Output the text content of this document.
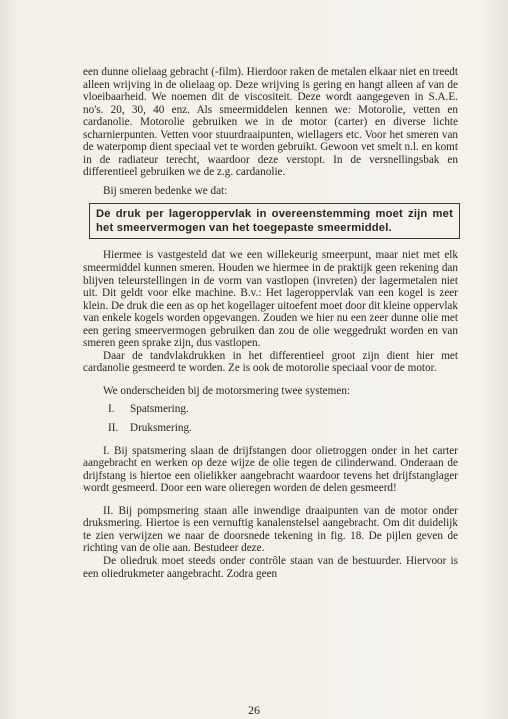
een dunne olielaag gebracht (-film). Hierdoor raken de metalen elkaar niet en treedt alleen wrijving in de olielaag op. Deze wrijving is gering en hangt alleen af van de vloeibaarheid. We noemen dit de viscositeit. Deze wordt aangegeven in S.A.E. no's. 20, 30, 40 enz. Als smeermiddelen kennen we: Motorolie, vetten en cardanolie. Motorolie gebruiken we in de motor (carter) en diverse lichte scharnierpunten. Vetten voor stuurdraaipunten, wiellagers etc. Voor het smeren van de waterpomp dient speciaal vet te worden gebruikt. Gewoon vet smelt n.l. en komt in de radiateur terecht, waardoor deze verstopt. In de versnellingsbak en differentieel gebruiken we de z.g. cardanolie.

Bij smeren bedenke we dat:

De druk per lageroppervlak in overeenstemming moet zijn met het smeervermogen van het toegepaste smeermiddel.

Hiermee is vastgesteld dat we een willekeurig smeerpunt, maar niet met elk smeermiddel kunnen smeren. Houden we hiermee in de praktijk geen rekening dan blijven teleurstellingen in de vorm van vastlopen (invreten) der lagermetalen niet uit. Dit geldt voor elke machine. B.v.: Het lageroppervlak van een kogel is zeer klein. De druk die een as op het kogellager uitoefent moet door dit kleine oppervlak van enkele kogels worden opgevangen. Zouden we hier nu een zeer dunne olie met een gering smeervermogen gebruiken dan zou de olie weggedrukt worden en van smeren geen sprake zijn, dus vastlopen.

Daar de tandvlakdrukken in het differentieel groot zijn dient hier met cardanolie gesmeerd te worden. Ze is ook de motorolie speciaal voor de motor.

We onderscheiden bij de motorsmering twee systemen:

I. Spatsmering.

II. Druksmering.

I. Bij spatsmering slaan de drijfstangen door olietroggen onder in het carter aangebracht en werken op deze wijze de olie tegen de cilinderwand. Onderaan de drijfstang is hiertoe een olielikker aangebracht waardoor tevens het drijfstanglager wordt gesmeerd. Door een ware olieregen worden de delen gesmeerd!

II. Bij pompsmering staan alle inwendige draaipunten van de motor onder druksmering. Hiertoe is een vernuftig kanalenstelsel aangebracht. Om dit duidelijk te zien verwijzen we naar de doorsnede tekening in fig. 18. De pijlen geven de richting van de olie aan. Bestudeer deze.

De oliedruk moet steeds onder contrôle staan van de bestuurder. Hiervoor is een oliedrukmeter aangebracht. Zodra geen

26
